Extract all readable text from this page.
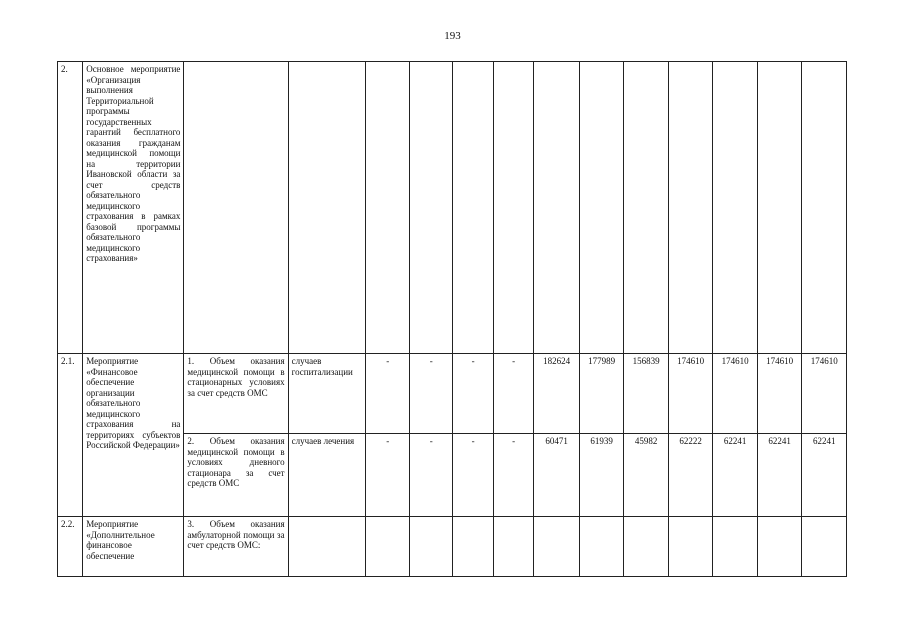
193
2.	Основное мероприятие «Организация выполнения Территориальной программы государственных гарантий бесплатного оказания гражданам медицинской помощи на территории Ивановской области за счет средств обязательного медицинского страхования в рамках базовой программы обязательного медицинского страхования»													
2.1.	Мероприятие «Финансовое обеспечение организации обязательного медицинского страхования на территориях субъектов Российской Федерации»	1. Объем оказания медицинской помощи в стационарных условиях за счет средств ОМС	случаев госпитализации	-	-	-	-	182624	177989	156839	174610	174610	174610	174610
		2. Объем оказания медицинской помощи в условиях дневного стационара за счет средств ОМС	случаев лечения	-	-	-	-	60471	61939	45982	62222	62241	62241	62241
2.2.	Мероприятие «Дополнительное финансовое обеспечение	3. Объем оказания амбулаторной помощи за счет средств ОМС:												
